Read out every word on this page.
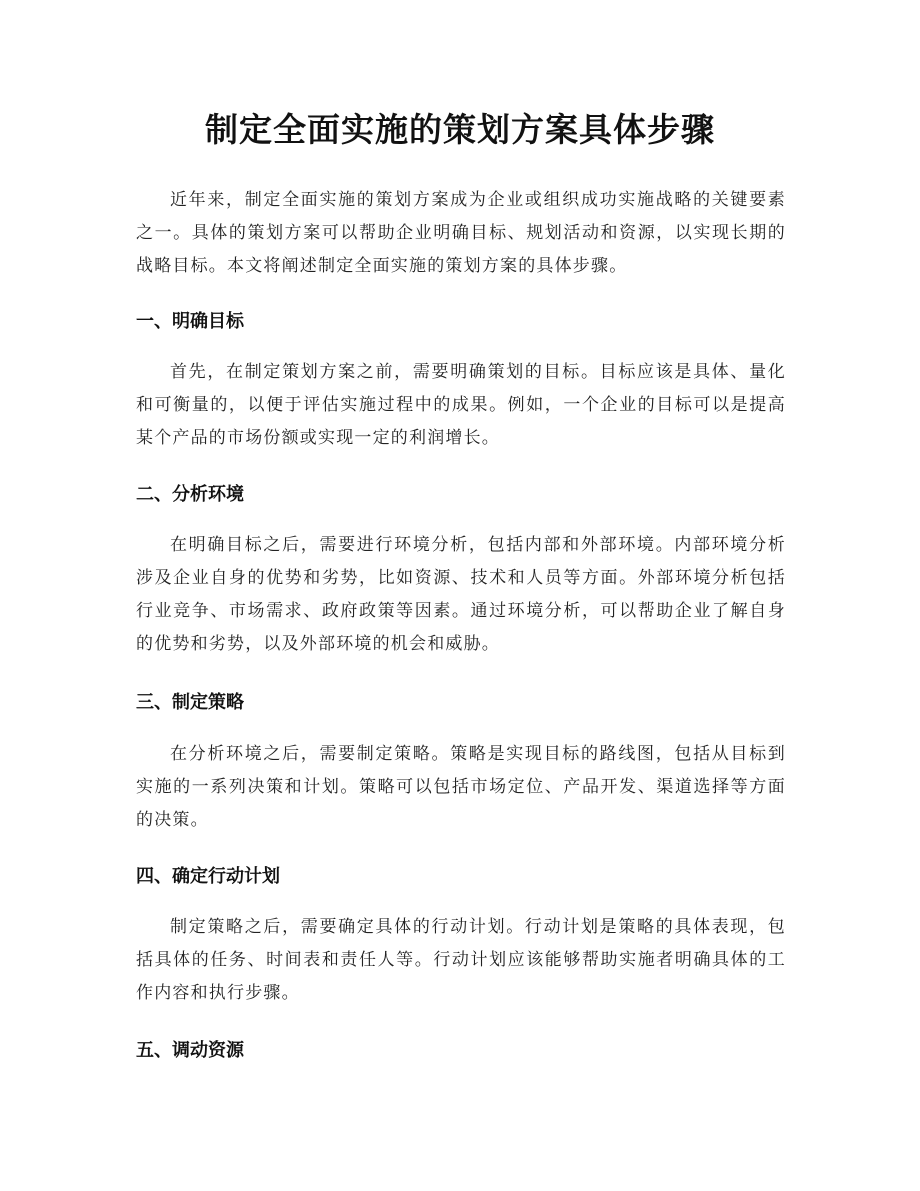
制定全面实施的策划方案具体步骤

近年来，制定全面实施的策划方案成为企业或组织成功实施战略的关键要素之一。具体的策划方案可以帮助企业明确目标、规划活动和资源，以实现长期的战略目标。本文将阐述制定全面实施的策划方案的具体步骤。

一、明确目标

首先，在制定策划方案之前，需要明确策划的目标。目标应该是具体、量化和可衡量的，以便于评估实施过程中的成果。例如，一个企业的目标可以是提高某个产品的市场份额或实现一定的利润增长。

二、分析环境

在明确目标之后，需要进行环境分析，包括内部和外部环境。内部环境分析涉及企业自身的优势和劣势，比如资源、技术和人员等方面。外部环境分析包括行业竞争、市场需求、政府政策等因素。通过环境分析，可以帮助企业了解自身的优势和劣势，以及外部环境的机会和威胁。

三、制定策略

在分析环境之后，需要制定策略。策略是实现目标的路线图，包括从目标到实施的一系列决策和计划。策略可以包括市场定位、产品开发、渠道选择等方面的决策。

四、确定行动计划

制定策略之后，需要确定具体的行动计划。行动计划是策略的具体表现，包括具体的任务、时间表和责任人等。行动计划应该能够帮助实施者明确具体的工作内容和执行步骤。

五、调动资源
